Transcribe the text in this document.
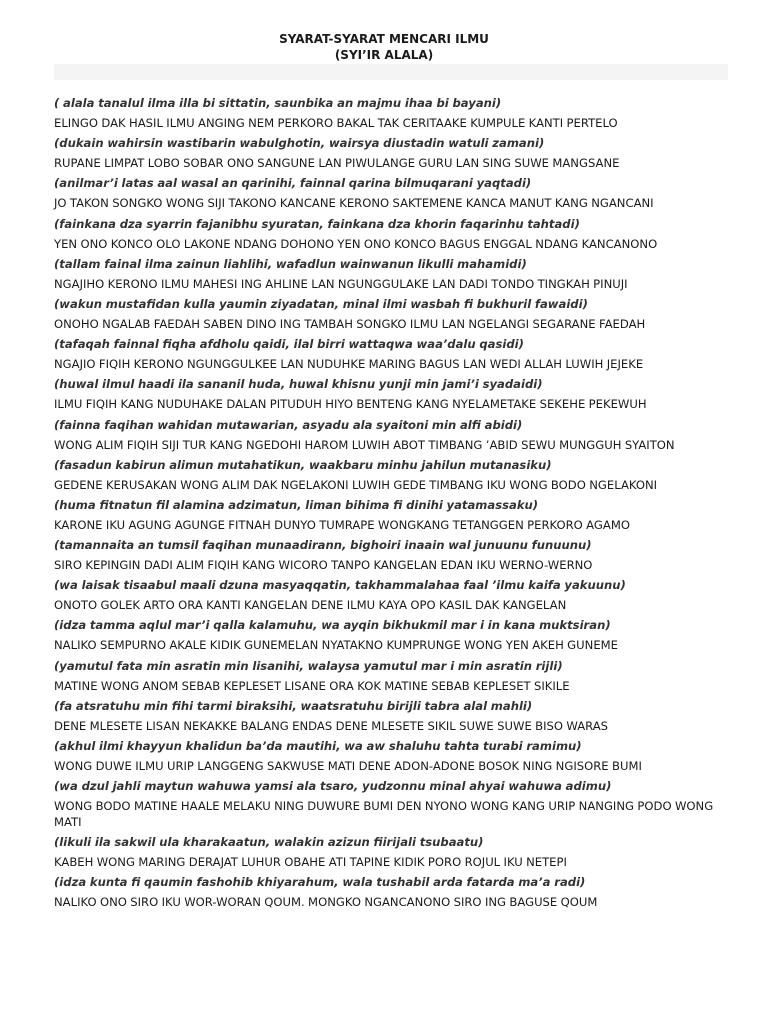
SYARAT-SYARAT MENCARI ILMU
(SYI’IR ALALA)
( alala tanalul ilma illa bi sittatin, saunbika an majmu ihaa bi bayani)
ELINGO DAK HASIL ILMU ANGING NEM PERKORO BAKAL TAK CERITAAKE KUMPULE KANTI PERTELO
(dukain wahirsin wastibarin wabulghotin, wairsya diustadin watuli zamani)
RUPANE LIMPAT LOBO SOBAR ONO SANGUNE LAN PIWULANGE GURU LAN SING SUWE MANGSANE
(anilmar’i latas aal wasal an qarinihi, fainnal qarina bilmuqarani yaqtadi)
JO TAKON SONGKO WONG SIJI TAKONO KANCANE KERONO SAKTEMENE KANCA MANUT KANG NGANCANI
(fainkana dza syarrin fajanibhu syuratan, fainkana dza khorin faqarinhu tahtadi)
YEN ONO KONCO OLO LAKONE NDANG DOHONO YEN ONO KONCO BAGUS ENGGAL NDANG KANCANONO
(tallam fainal ilma zainun liahlihi, wafadlun wainwanun likulli mahamidi)
NGAJIHO KERONO ILMU MAHESI ING AHLINE LAN NGUNGGULAKE LAN DADI TONDO TINGKAH PINUJI
(wakun mustafidan kulla yaumin ziyadatan, minal ilmi wasbah fi bukhuril fawaidi)
ONOHO NGALAB FAEDAH SABEN DINO ING TAMBAH SONGKO ILMU LAN NGELANGI SEGARANE FAEDAH
(tafaqah fainnal fiqha afdholu qaidi, ilal birri wattaqwa waa’dalu qasidi)
NGAJIO FIQIH KERONO NGUNGGULKEE LAN NUDUHKE MARING BAGUS LAN WEDI ALLAH LUWIH JEJEKE
(huwal ilmul haadi ila sananil huda, huwal khisnu yunji min jami’i syadaidi)
ILMU FIQIH KANG NUDUHAKE DALAN PITUDUH HIYO BENTENG KANG NYELAMETAKE SEKEHE PEKEWUH
(fainna faqihan wahidan mutawarian, asyadu ala syaitoni min alfi abidi)
WONG ALIM FIQIH SIJI TUR KANG NGEDOHI HAROM LUWIH ABOT TIMBANG ’ABID SEWU MUNGGUH SYAITON
(fasadun kabirun alimun mutahatikun, waakbaru minhu jahilun mutanasiku)
GEDENE KERUSAKAN WONG ALIM DAK NGELAKONI LUWIH GEDE TIMBANG IKU WONG BODO NGELAKONI
(huma fitnatun fil alamina adzimatun, liman bihima fi dinihi yatamassaku)
KARONE IKU AGUNG AGUNGE FITNAH DUNYO TUMRAPE WONGKANG TETANGGEN PERKORO AGAMO
(tamannaita an tumsil faqihan munaadirann, bighoiri inaain wal junuunu funuunu)
SIRO KEPINGIN DADI ALIM FIQIH KANG WICORO TANPO KANGELAN EDAN IKU WERNO-WERNO
(wa laisak tisaabul maali dzuna masyaqqatin, takhammalahaa faal ’ilmu kaifa yakuunu)
ONOTO GOLEK ARTO ORA KANTI KANGELAN DENE ILMU KAYA OPO KASIL DAK KANGELAN
(idza tamma aqlul mar’i qalla kalamuhu, wa ayqin bikhukmil mar i in kana muktsiran)
NALIKO SEMPURNO AKALE KIDIK GUNEMELAN NYATAKNO KUMPRUNGE WONG YEN AKEH GUNEME
(yamutul fata min asratin min lisanihi, walaysa yamutul mar i min asratin rijli)
MATINE WONG ANOM SEBAB KEPLESET LISANE ORA KOK MATINE SEBAB KEPLESET SIKILE
(fa atsratuhu min fihi tarmi biraksihi, waatsratuhu birijli tabra alal mahli)
DENE MLESETE LISAN NEKAKKE BALANG ENDAS DENE MLESETE SIKIL SUWE SUWE BISO WARAS
(akhul ilmi khayyun khalidun ba’da mautihi, wa aw shaluhu tahta turabi ramimu)
WONG DUWE ILMU URIP LANGGENG SAKWUSE MATI DENE ADON-ADONE BOSOK NING NGISORE BUMI
(wa dzul jahli maytun wahuwa yamsi ala tsaro, yudzonnu minal ahyai wahuwa adimu)
WONG BODO MATINE HAALE MELAKU NING DUWURE BUMI DEN NYONO WONG KANG URIP NANGING PODO WONG MATI
(likuli ila sakwil ula kharakaatun, walakin azizun fiirijali tsubaatu)
KABEH WONG MARING DERAJAT LUHUR OBAHE ATI TAPINE KIDIK PORO ROJUL IKU NETEPI
(idza kunta fi qaumin fashohib khiyarahum, wala tushabil arda fatarda ma’a radi)
NALIKO ONO SIRO IKU WOR-WORAN QOUM. MONGKO NGANCANONO SIRO ING BAGUSE QOUM
